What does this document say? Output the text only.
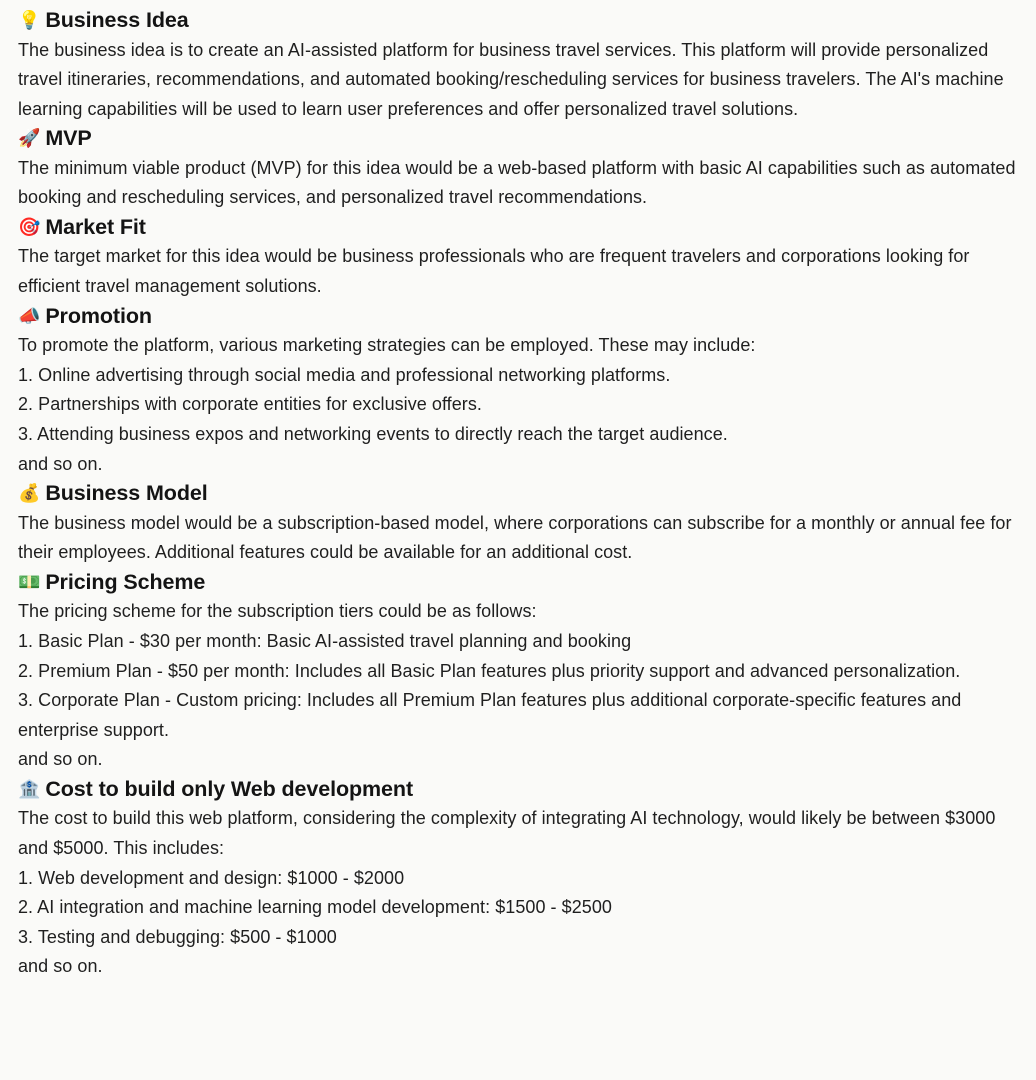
💡 Business Idea

The business idea is to create an AI-assisted platform for business travel services. This platform will provide personalized travel itineraries, recommendations, and automated booking/rescheduling services for business travelers. The AI's machine learning capabilities will be used to learn user preferences and offer personalized travel solutions.

🚀 MVP

The minimum viable product (MVP) for this idea would be a web-based platform with basic AI capabilities such as automated booking and rescheduling services, and personalized travel recommendations.

🎯 Market Fit

The target market for this idea would be business professionals who are frequent travelers and corporations looking for efficient travel management solutions.

📣 Promotion

To promote the platform, various marketing strategies can be employed. These may include:

1. Online advertising through social media and professional networking platforms.

2. Partnerships with corporate entities for exclusive offers.

3. Attending business expos and networking events to directly reach the target audience.

and so on.

💰 Business Model

The business model would be a subscription-based model, where corporations can subscribe for a monthly or annual fee for their employees. Additional features could be available for an additional cost.

💵 Pricing Scheme

The pricing scheme for the subscription tiers could be as follows:

1. Basic Plan - $30 per month: Basic AI-assisted travel planning and booking

2. Premium Plan - $50 per month: Includes all Basic Plan features plus priority support and advanced personalization.

3. Corporate Plan - Custom pricing: Includes all Premium Plan features plus additional corporate-specific features and enterprise support.

and so on.

🏦 Cost to build only Web development

The cost to build this web platform, considering the complexity of integrating AI technology, would likely be between $3000 and $5000. This includes:

1. Web development and design: $1000 - $2000

2. AI integration and machine learning model development: $1500 - $2500

3. Testing and debugging: $500 - $1000

and so on.
